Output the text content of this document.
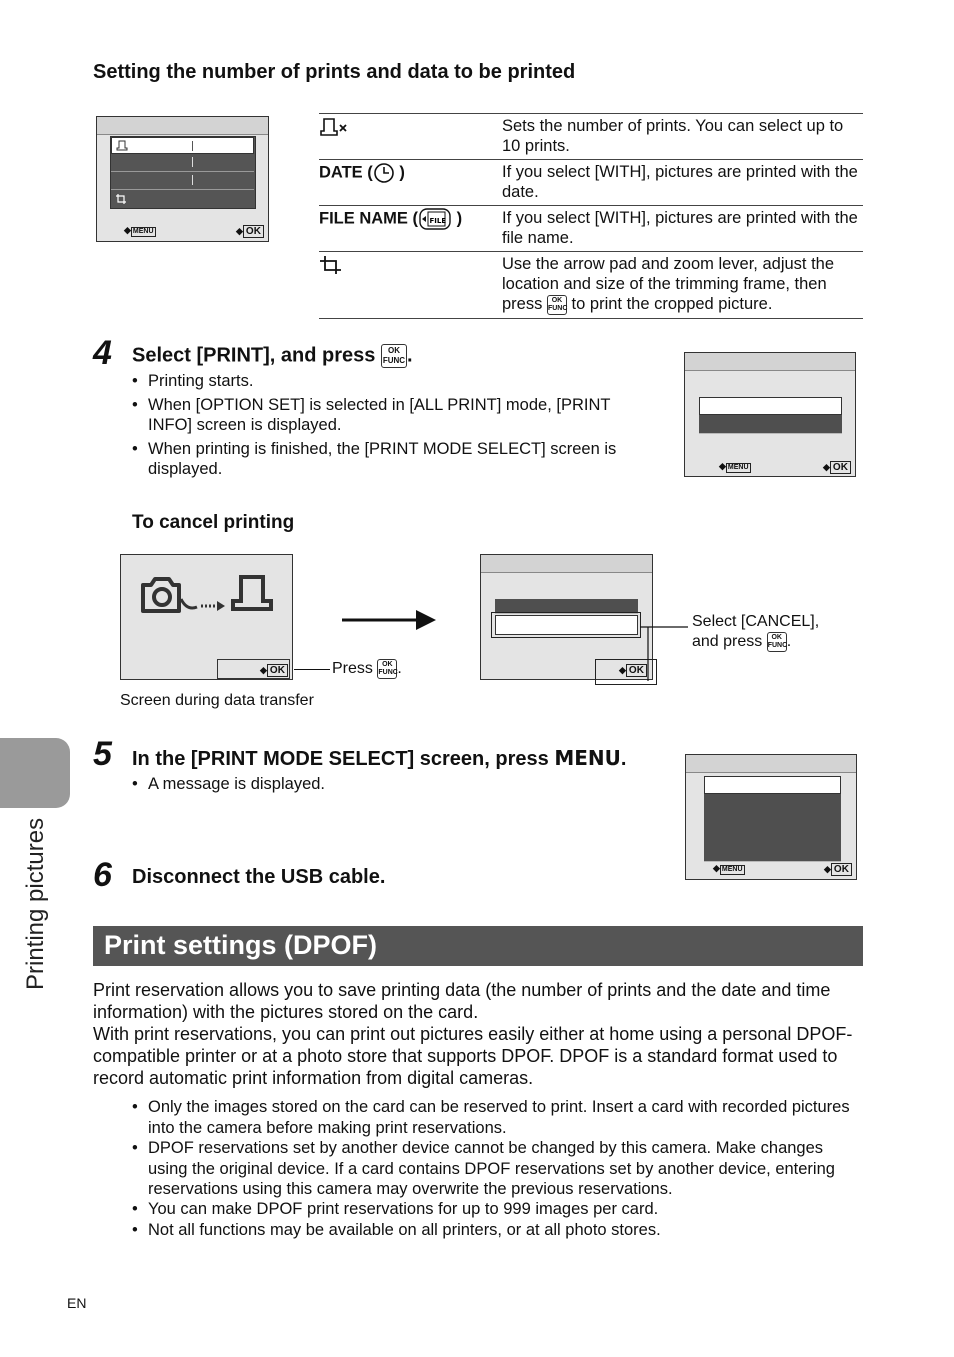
Setting the number of prints and data to be printed
◆ MENU	◆ OK
	Sets the number of prints. You can select up to 10 prints.
DATE ( )	If you select [WITH], pictures are printed with the date.
FILE NAME ( FILE )	If you select [WITH], pictures are printed with the file name.
	Use the arrow pad and zoom lever, adjust the location and size of the trimming frame, then press OK
FUNC to print the cropped picture.
4 Select [PRINT], and press OK
FUNC.
• Printing starts.
• When [OPTION SET] is selected in [ALL PRINT] mode, [PRINT INFO] screen is displayed.
• When printing is finished, the [PRINT MODE SELECT] screen is displayed.	◆ MENU	◆ OK
To cancel printing
◆ OK	Press OK
FUNC.
Screen during data transfer
◆ OK
Select [CANCEL], and press OK
FUNC.
5 In the [PRINT MODE SELECT] screen, press MENU.
• A message is displayed.
◆ MENU	◆ OK
6 Disconnect the USB cable.
Printing pictures Print settings (DPOF)
Print reservation allows you to save printing data (the number of prints and the date and time information) with the pictures stored on the card.
With print reservations, you can print out pictures easily either at home using a personal DPOF-compatible printer or at a photo store that supports DPOF. DPOF is a standard format used to record automatic print information from digital cameras.
• Only the images stored on the card can be reserved to print. Insert a card with recorded pictures into the camera before making print reservations.
• DPOF reservations set by another device cannot be changed by this camera. Make changes using the original device. If a card contains DPOF reservations set by another device, entering reservations using this camera may overwrite the previous reservations.
• You can make DPOF print reservations for up to 999 images per card.
• Not all functions may be available on all printers, or at all photo stores.
EN
